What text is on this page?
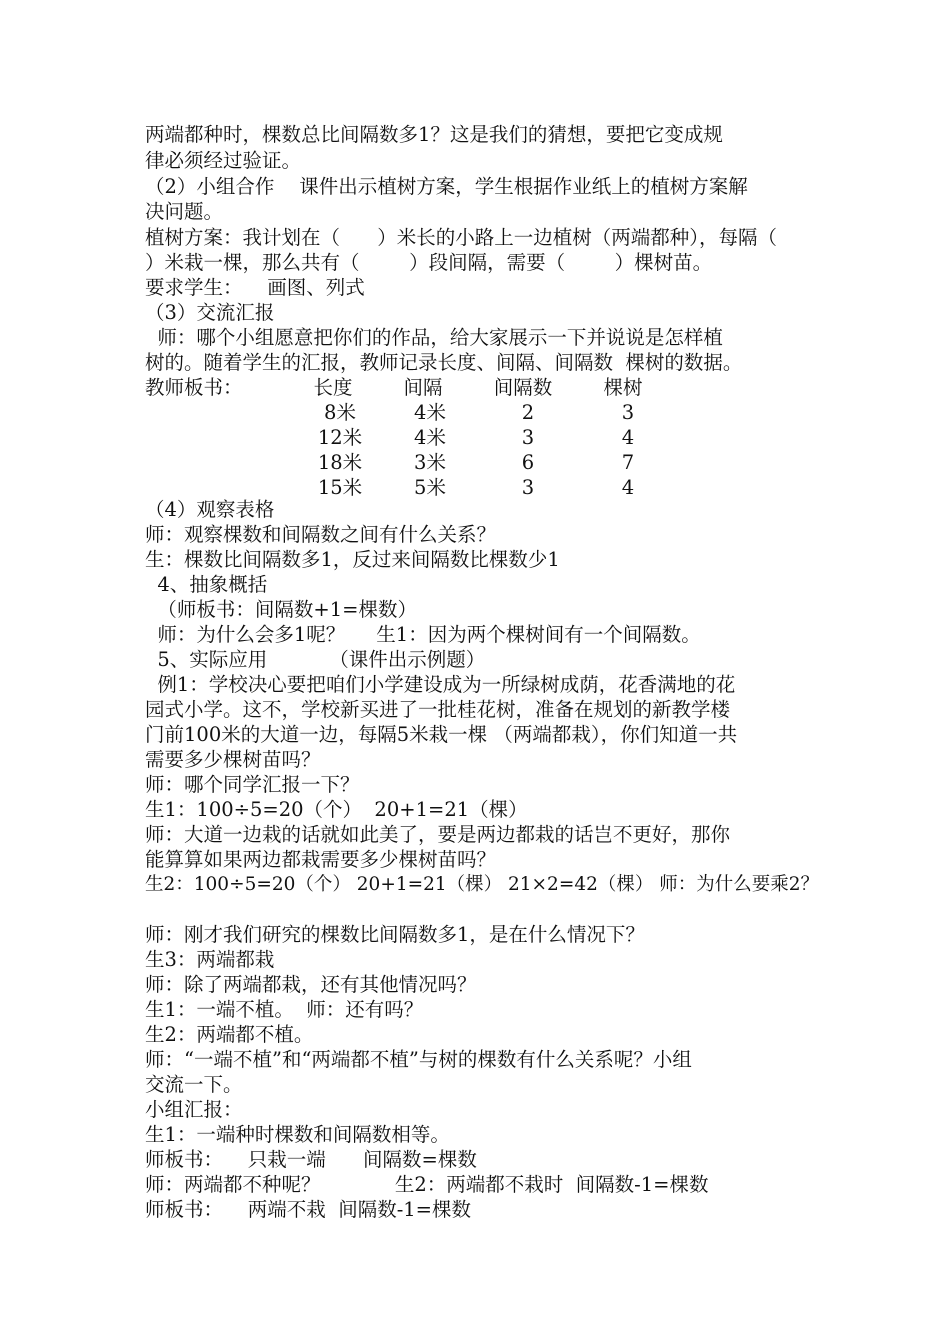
两端都种时，棵数总比间隔数多1？这是我们的猜想，要把它变成规
律必须经过验证。
（2）小组合作    课件出示植树方案，学生根据作业纸上的植树方案解
决问题。
植树方案：我计划在（      ）米长的小路上一边植树（两端都种），每隔（
）米栽一棵，那么共有（        ）段间隔，需要（        ）棵树苗。
要求学生：    画图、列式
（3）交流汇报
师：哪个小组愿意把你们的作品，给大家展示一下并说说是怎样植
树的。随着学生的汇报，教师记录长度、间隔、间隔数  棵树的数据。
教师板书：	长度	间隔	间隔数	棵树
8米	4米	2	3
12米	4米	3	4
18米	3米	6	7
15米	5米	3	4
（4）观察表格
师：观察棵数和间隔数之间有什么关系？
生：棵数比间隔数多1，反过来间隔数比棵数少1
4、抽象概括
（师板书：间隔数+1=棵数）
师：为什么会多1呢？     生1：因为两个棵树间有一个间隔数。
5、实际应用          （课件出示例题）
例1：学校决心要把咱们小学建设成为一所绿树成荫，花香满地的花
园式小学。这不，学校新买进了一批桂花树，准备在规划的新教学楼
门前100米的大道一边，每隔5米栽一棵 （两端都栽），你们知道一共
需要多少棵树苗吗？
师：哪个同学汇报一下？
生1：100÷5=20（个）  20+1=21（棵）
师：大道一边栽的话就如此美了，要是两边都栽的话岂不更好，那你
能算算如果两边都栽需要多少棵树苗吗？
生2：100÷5=20（个） 20+1=21（棵） 21×2=42（棵） 师：为什么要乘2？
师：刚才我们研究的棵数比间隔数多1，是在什么情况下？
生3：两端都栽
师：除了两端都栽，还有其他情况吗？
生1：一端不植。  师：还有吗？
生2：两端都不植。
师：“一端不植”和“两端都不植”与树的棵数有什么关系呢？小组
交流一下。
小组汇报：
生1：一端种时棵数和间隔数相等。
师板书：    只栽一端      间隔数=棵数
师：两端都不种呢？            生2：两端都不栽时  间隔数-1=棵数
师板书：    两端不栽  间隔数-1=棵数
